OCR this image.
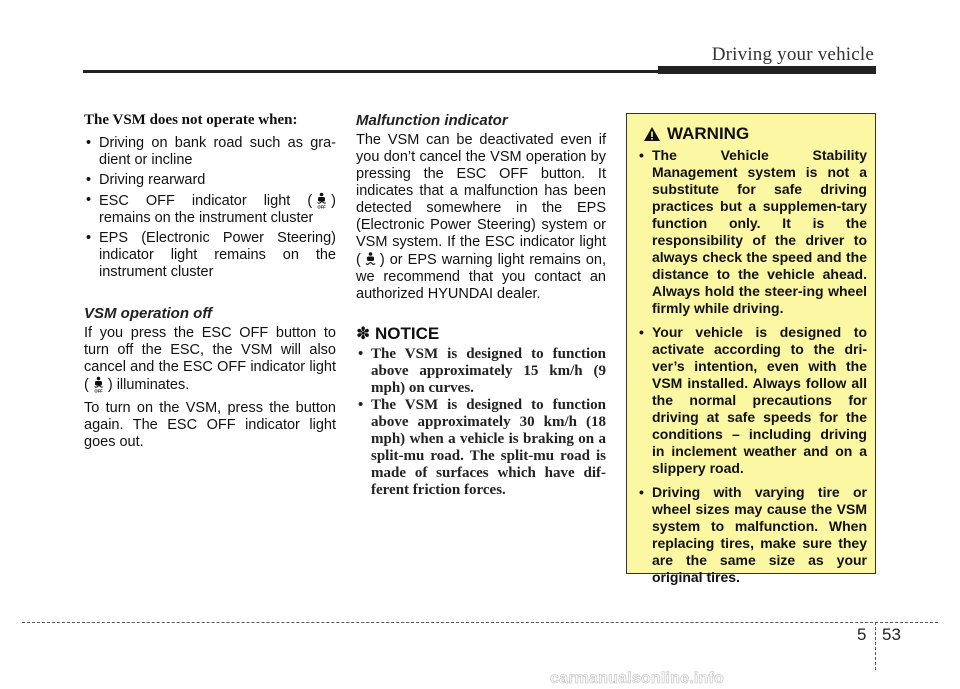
Driving your vehicle
The VSM does not operate when:
• Driving on bank road such as gra-dient or incline
• Driving rearward
• ESC OFF indicator light ( OFF ) remains on the instrument cluster
• EPS (Electronic Power Steering) indicator light remains on the instrument cluster
VSM operation off

If you press the ESC OFF button to turn off the ESC, the VSM will also cancel and the ESC OFF indicator light ( OFF ) illuminates.

To turn on the VSM, press the button again. The ESC OFF indicator light goes out.

Malfunction indicator

The VSM can be deactivated even if you don’t cancel the VSM operation by pressing the ESC OFF button. It indicates that a malfunction has been detected somewhere in the EPS (Electronic Power Steering) system or VSM system. If the ESC indicator light ( ) or EPS warning light remains on, we recommend that you contact an authorized HYUNDAI dealer.

✽ NOTICE
• The VSM is designed to function above approximately 15 km/h (9 mph) on curves.
• The VSM is designed to function above approximately 30 km/h (18 mph) when a vehicle is braking on a split-mu road. The split-mu road is made of surfaces which have dif-ferent friction forces.
WARNING
• The Vehicle Stability Management system is not a substitute for safe driving practices but a supplemen-tary function only. It is the responsibility of the driver to always check the speed and the distance to the vehicle ahead. Always hold the steer-ing wheel firmly while driving.
• Your vehicle is designed to activate according to the dri-ver’s intention, even with the VSM installed. Always follow all the normal precautions for driving at safe speeds for the conditions – including driving in inclement weather and on a slippery road.
• Driving with varying tire or wheel sizes may cause the VSM system to malfunction. When replacing tires, make sure they are the same size as your original tires.
5 53
carmanualsonline.info
